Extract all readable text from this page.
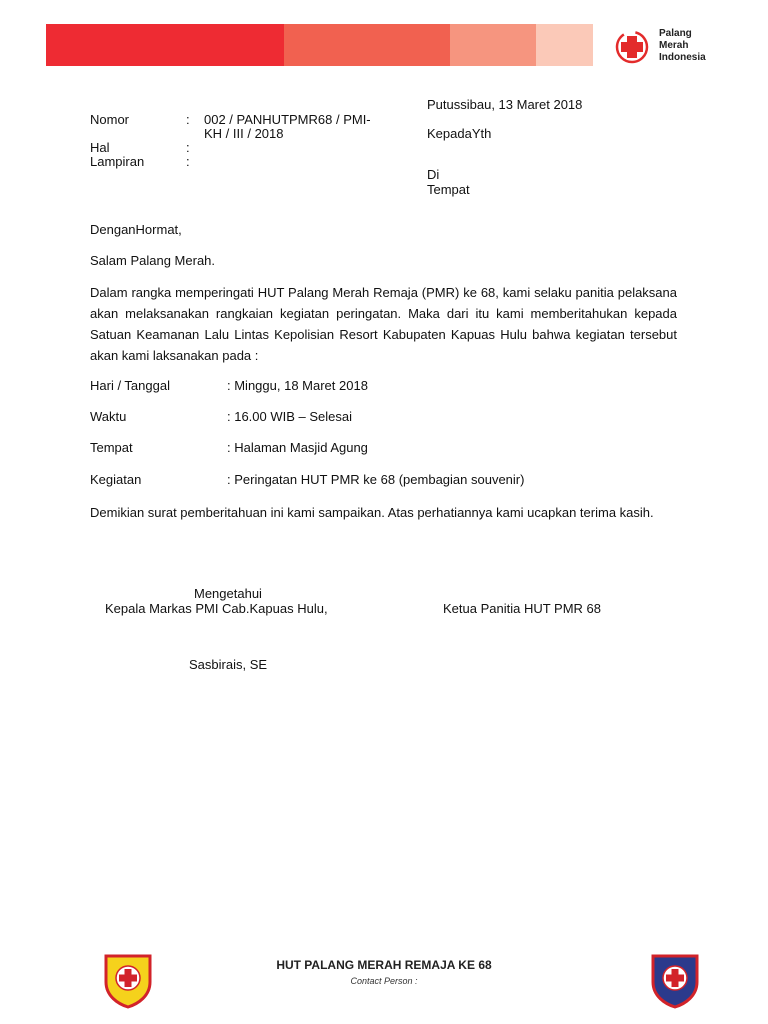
Palang
Merah
Indonesia
Putussibau, 13 Maret 2018
Nomor	: 002 / PANHUTPMR68 / PMI-
KH / III / 2018
Hal	:
Lampiran	:
KepadaYth
Di
Tempat
DenganHormat,
Salam Palang Merah.
Dalam rangka memperingati HUT Palang Merah Remaja (PMR) ke 68, kami selaku panitia pelaksana akan melaksanakan rangkaian kegiatan peringatan. Maka dari itu kami memberitahukan kepada Satuan Keamanan Lalu Lintas Kepolisian Resort Kabupaten Kapuas Hulu bahwa kegiatan tersebut akan kami laksanakan pada :
Hari / Tanggal	: Minggu, 18 Maret 2018
Waktu	: 16.00 WIB – Selesai
Tempat	: Halaman Masjid Agung
Kegiatan	: Peringatan HUT PMR ke 68 (pembagian souvenir)
Demikian surat pemberitahuan ini kami sampaikan. Atas perhatiannya kami ucapkan terima kasih.
Mengetahui
Kepala Markas PMI Cab.Kapuas Hulu,	Ketua Panitia HUT PMR 68
Sasbirais, SE
HUT PALANG MERAH REMAJA KE 68
Contact Person :
